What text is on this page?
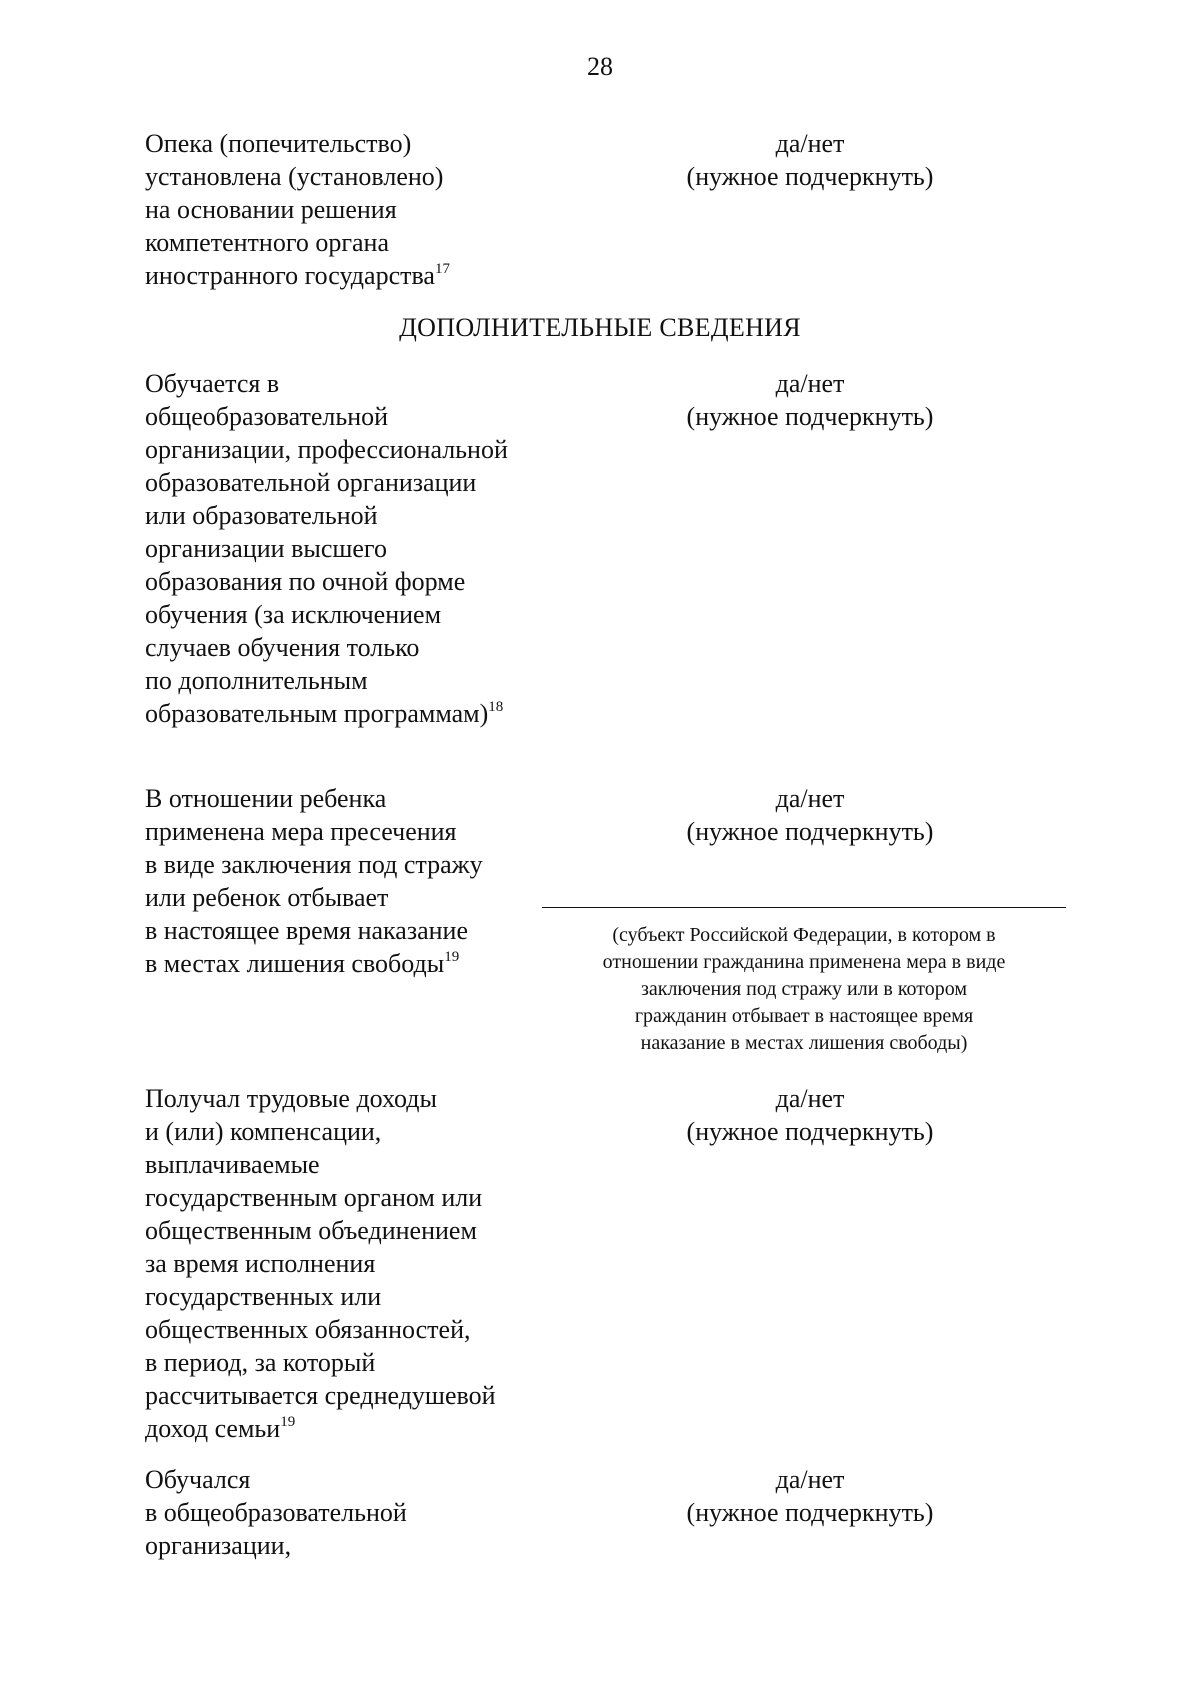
28
Опека (попечительство)
установлена (установлено)
на основании решения
компетентного органа
иностранного государства$^{17}$
да/нет
(нужное подчеркнуть)
ДОПОЛНИТЕЛЬНЫЕ СВЕДЕНИЯ
Обучается в
общеобразовательной
организации, профессиональной
образовательной организации
или образовательной
организации высшего
образования по очной форме
обучения (за исключением
случаев обучения только
по дополнительным
образовательным программам)$^{18}$
да/нет
(нужное подчеркнуть)
В отношении ребенка
применена мера пресечения
в виде заключения под стражу
или ребенок отбывает
в настоящее время наказание
в местах лишения свободы$^{19}$
да/нет
(нужное подчеркнуть)
(субъект Российской Федерации, в котором в
отношении гражданина применена мера в виде
заключения под стражу или в котором
гражданин отбывает в настоящее время
наказание в местах лишения свободы)
Получал трудовые доходы
и (или) компенсации,
выплачиваемые
государственным органом или
общественным объединением
за время исполнения
государственных или
общественных обязанностей,
в период, за который
рассчитывается среднедушевой
доход семьи$^{19}$
да/нет
(нужное подчеркнуть)
Обучался
в общеобразовательной
организации,
да/нет
(нужное подчеркнуть)
